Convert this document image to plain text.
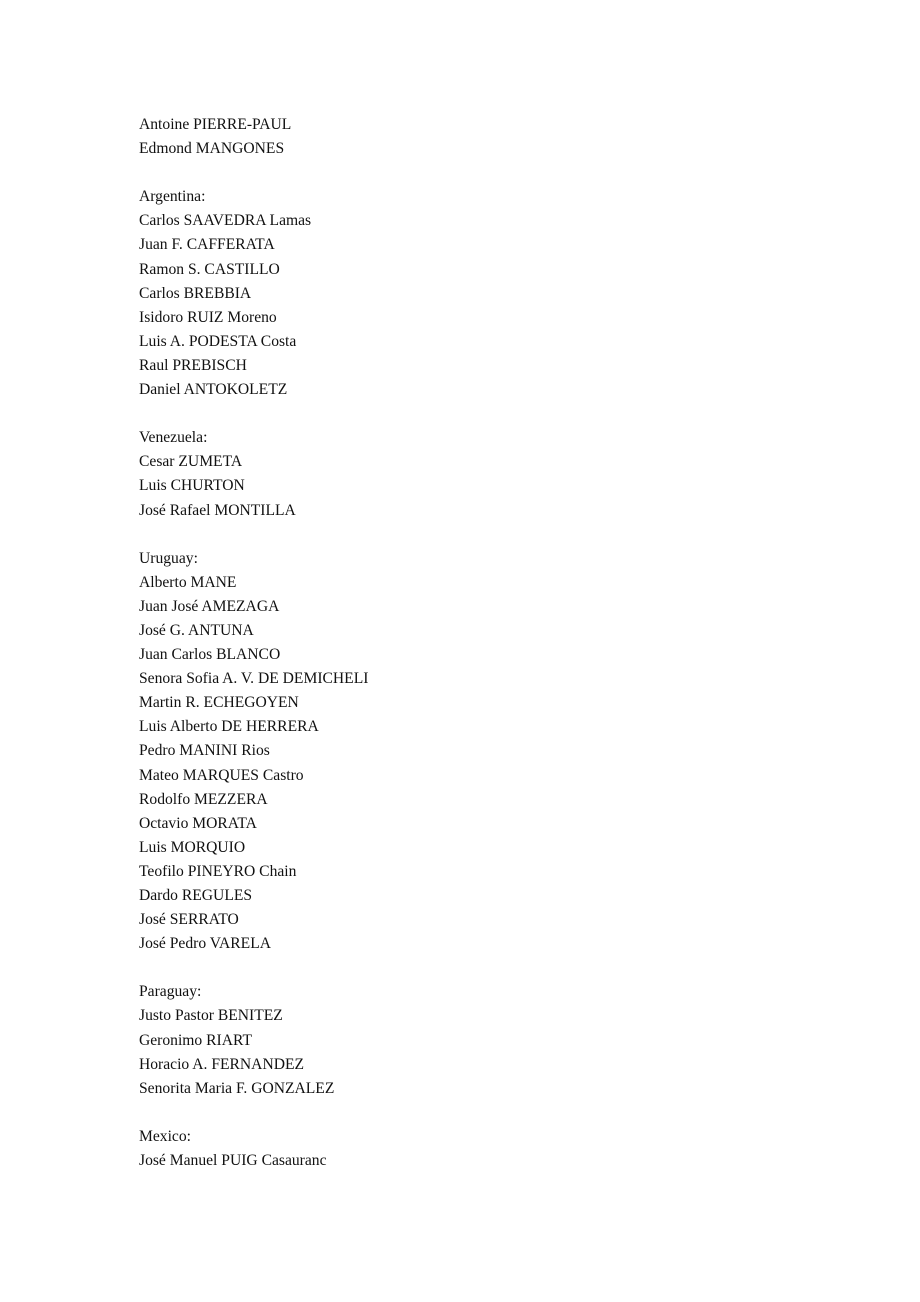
Antoine PIERRE-PAUL
Edmond MANGONES
Argentina:
Carlos SAAVEDRA Lamas
Juan F. CAFFERATA
Ramon S. CASTILLO
Carlos BREBBIA
Isidoro RUIZ Moreno
Luis A. PODESTA Costa
Raul PREBISCH
Daniel ANTOKOLETZ
Venezuela:
Cesar ZUMETA
Luis CHURTON
José Rafael MONTILLA
Uruguay:
Alberto MANE
Juan José AMEZAGA
José G. ANTUNA
Juan Carlos BLANCO
Senora Sofia A. V. DE DEMICHELI
Martin R. ECHEGOYEN
Luis Alberto DE HERRERA
Pedro MANINI Rios
Mateo MARQUES Castro
Rodolfo MEZZERA
Octavio MORATA
Luis MORQUIO
Teofilo PINEYRO Chain
Dardo REGULES
José SERRATO
José Pedro VARELA
Paraguay:
Justo Pastor BENITEZ
Geronimo RIART
Horacio A. FERNANDEZ
Senorita Maria F. GONZALEZ
Mexico:
José Manuel PUIG Casauranc
